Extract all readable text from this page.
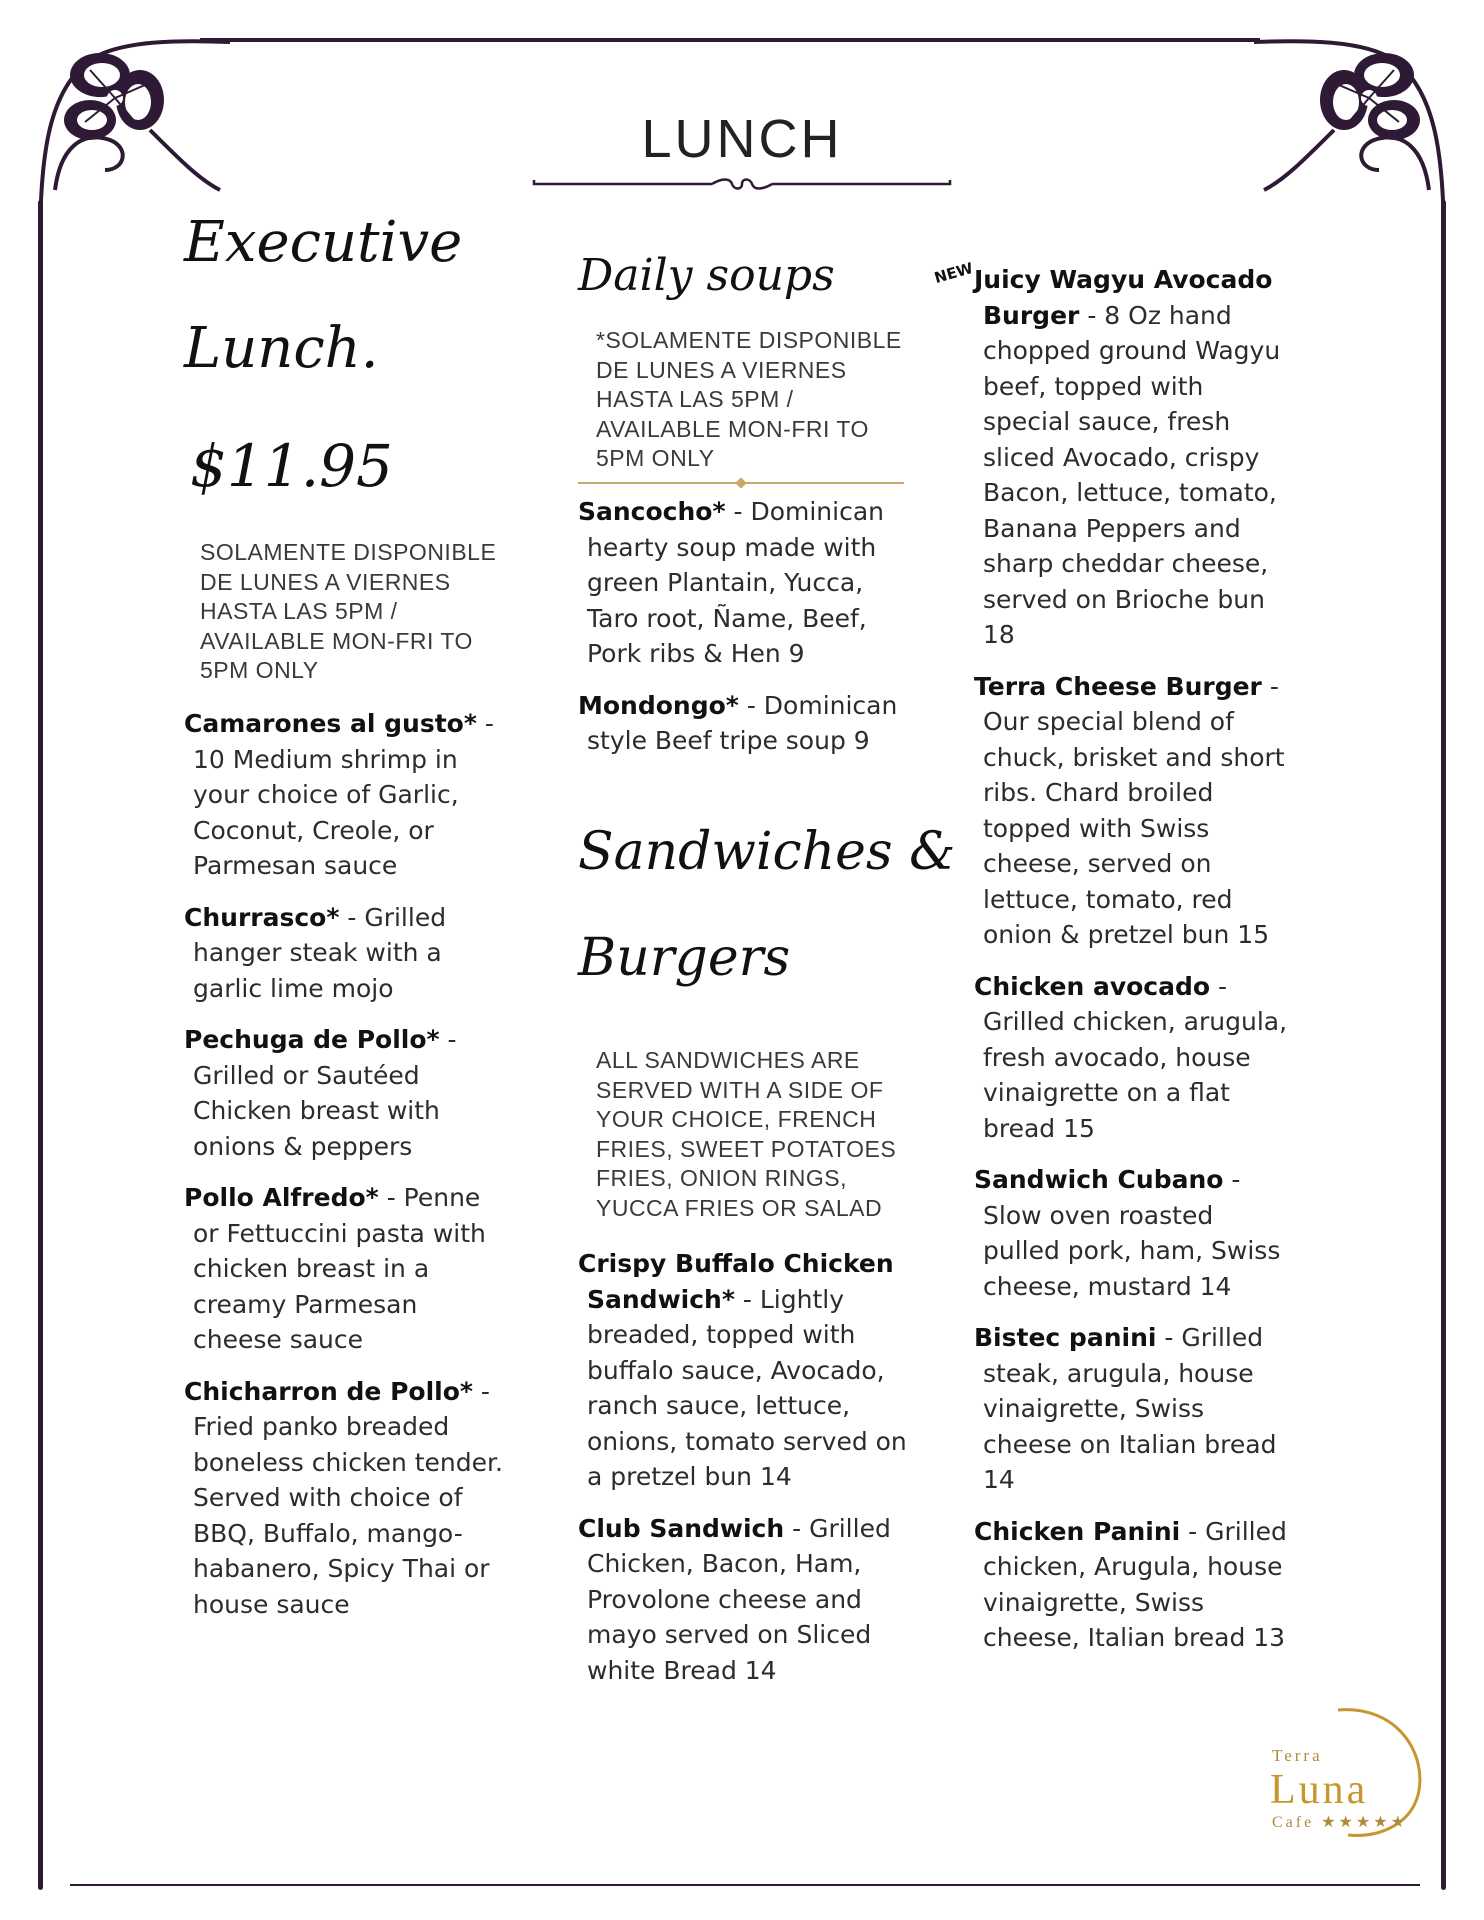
LUNCH
Executive
Lunch.
$11.95

SOLAMENTE DISPONIBLE DE LUNES A VIERNES HASTA LAS 5PM / AVAILABLE MON-FRI TO 5PM ONLY

Camarones al gusto* - 10 Medium shrimp in your choice of Garlic, Coconut, Creole, or Parmesan sauce

Churrasco* - Grilled hanger steak with a garlic lime mojo

Pechuga de Pollo* - Grilled or Sautéed Chicken breast with onions & peppers

Pollo Alfredo* - Penne or Fettuccini pasta with chicken breast in a creamy Parmesan cheese sauce

Chicharron de Pollo* - Fried panko breaded boneless chicken tender. Served with choice of BBQ, Buffalo, mango-habanero, Spicy Thai or house sauce

Daily soups

*SOLAMENTE DISPONIBLE DE LUNES A VIERNES HASTA LAS 5PM / AVAILABLE MON-FRI TO 5PM ONLY

Sancocho* - Dominican hearty soup made with green Plantain, Yucca, Taro root, Ñame, Beef, Pork ribs & Hen 9

Mondongo* - Dominican style Beef tripe soup 9

Sandwiches &
Burgers

ALL SANDWICHES ARE SERVED WITH A SIDE OF YOUR CHOICE, FRENCH FRIES, SWEET POTATOES FRIES, ONION RINGS, YUCCA FRIES OR SALAD

Crispy Buffalo Chicken Sandwich* - Lightly breaded, topped with buffalo sauce, Avocado, ranch sauce, lettuce, onions, tomato served on a pretzel bun 14

Club Sandwich - Grilled Chicken, Bacon, Ham, Provolone cheese and mayo served on Sliced white Bread 14

NEW

Juicy Wagyu Avocado Burger - 8 Oz hand chopped ground Wagyu beef, topped with special sauce, fresh sliced Avocado, crispy Bacon, lettuce, tomato, Banana Peppers and sharp cheddar cheese, served on Brioche bun 18

Terra Cheese Burger - Our special blend of chuck, brisket and short ribs. Chard broiled topped with Swiss cheese, served on lettuce, tomato, red onion & pretzel bun 15

Chicken avocado - Grilled chicken, arugula, fresh avocado, house vinaigrette on a flat bread 15

Sandwich Cubano - Slow oven roasted pulled pork, ham, Swiss cheese, mustard 14

Bistec panini - Grilled steak, arugula, house vinaigrette, Swiss cheese on Italian bread 14

Chicken Panini - Grilled chicken, Arugula, house vinaigrette, Swiss cheese, Italian bread 13

Terra
Luna
Cafe ★★★★★
